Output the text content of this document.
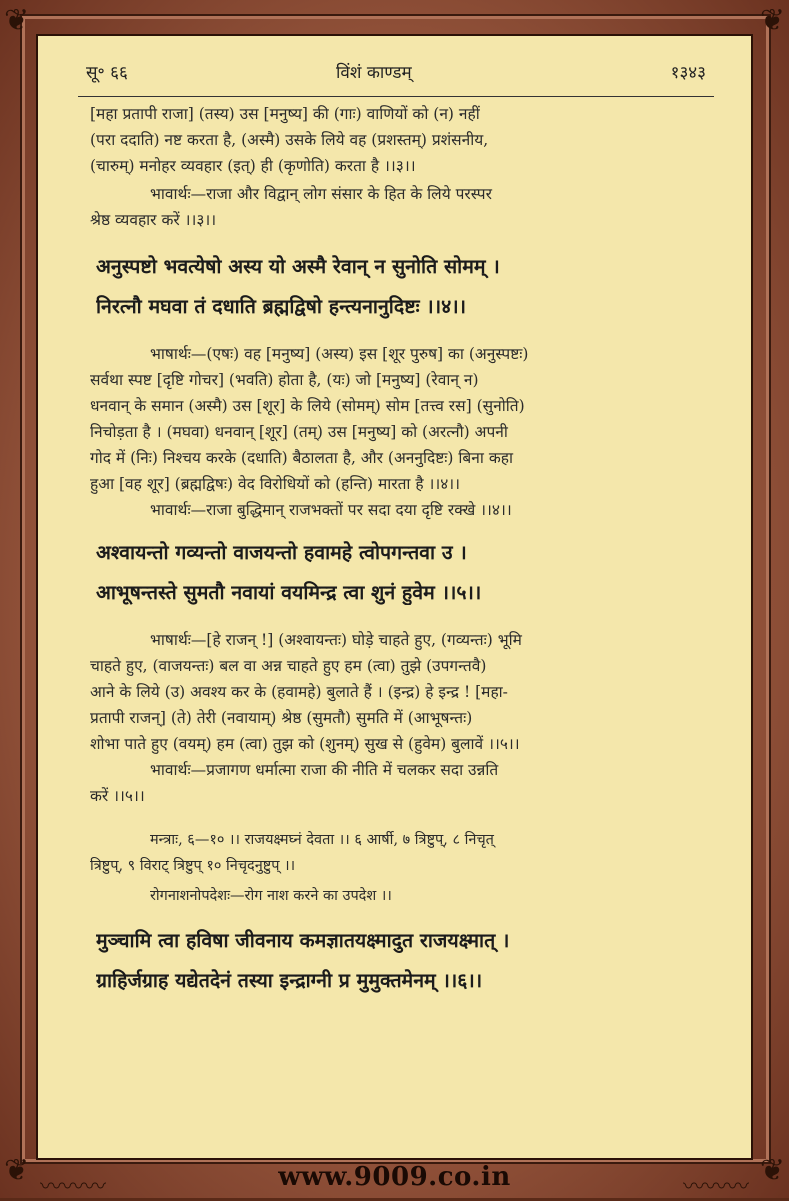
❦	❦
❦	❦
सू॰ ६६	विंशं काण्डम्	१३४३
[महा प्रतापी राजा] (तस्य) उस [मनुष्य] की (गाः) वाणियों को (न) नहीं
(परा ददाति) नष्ट करता है, (अस्मै) उसके लिये वह (प्रशस्तम्) प्रशंसनीय,
(चारुम्) मनोहर व्यवहार (इत्) ही (कृणोति) करता है ।।३।।
भावार्थः—राजा और विद्वान् लोग संसार के हित के लिये परस्पर
श्रेष्ठ व्यवहार करें ।।३।।
अनुस्पष्टो भवत्येषो अस्य यो अस्मै रेवान् न सुनोति सोमम् ।
निरत्नौ मघवा तं दधाति ब्रह्मद्विषो हन्त्यनानुदिष्टः ।।४।।
भाषार्थः—(एषः) वह [मनुष्य] (अस्य) इस [शूर पुरुष] का (अनुस्पष्टः)
सर्वथा स्पष्ट [दृष्टि गोचर] (भवति) होता है, (यः) जो [मनुष्य] (रेवान् न)
धनवान् के समान (अस्मै) उस [शूर] के लिये (सोमम्) सोम [तत्त्व रस] (सुनोति)
निचोड़ता है । (मघवा) धनवान् [शूर] (तम्) उस [मनुष्य] को (अरत्नौ) अपनी
गोद में (निः) निश्चय करके (दधाति) बैठालता है, और (अननुदिष्टः) बिना कहा
हुआ [वह शूर] (ब्रह्मद्विषः) वेद विरोधियों को (हन्ति) मारता है ।।४।।
भावार्थः—राजा बुद्धिमान् राजभक्तों पर सदा दया दृष्टि रक्खे ।।४।।
अश्वायन्तो गव्यन्तो वाजयन्तो हवामहे त्वोपगन्तवा उ ।
आभूषन्तस्ते सुमतौ नवायां वयमिन्द्र त्वा शुनं हुवेम ।।५।।
भाषार्थः—[हे राजन् !] (अश्वायन्तः) घोड़े चाहते हुए, (गव्यन्तः) भूमि
चाहते हुए, (वाजयन्तः) बल वा अन्न चाहते हुए हम (त्वा) तुझे (उपगन्तवै)
आने के लिये (उ) अवश्य कर के (हवामहे) बुलाते हैं । (इन्द्र) हे इन्द्र ! [महा-
प्रतापी राजन्] (ते) तेरी (नवायाम्) श्रेष्ठ (सुमतौ) सुमति में (आभूषन्तः)
शोभा पाते हुए (वयम्) हम (त्वा) तुझ को (शुनम्) सुख से (हुवेम) बुलावें ।।५।।
भावार्थः—प्रजागण धर्मात्मा राजा की नीति में चलकर सदा उन्नति
करें ।।५।।
मन्त्राः, ६—१० ।। राजयक्ष्मघ्नं देवता ।। ६ आर्षी, ७ त्रिष्टुप्, ८ निचृत्
त्रिष्टुप्, ९ विराट् त्रिष्टुप् १० निचृदनुष्टुप् ।।
रोगनाशनोपदेशः—रोग नाश करने का उपदेश ।।
मुञ्चामि त्वा हविषा जीवनाय कमज्ञातयक्ष्मादुत राजयक्ष्मात् ।
ग्राहिर्जग्राह यद्येतदेनं तस्या इन्द्राग्नी प्र मुमुक्तमेनम् ।।६।।
〰〰〰	〰〰〰
www.9009.co.in
